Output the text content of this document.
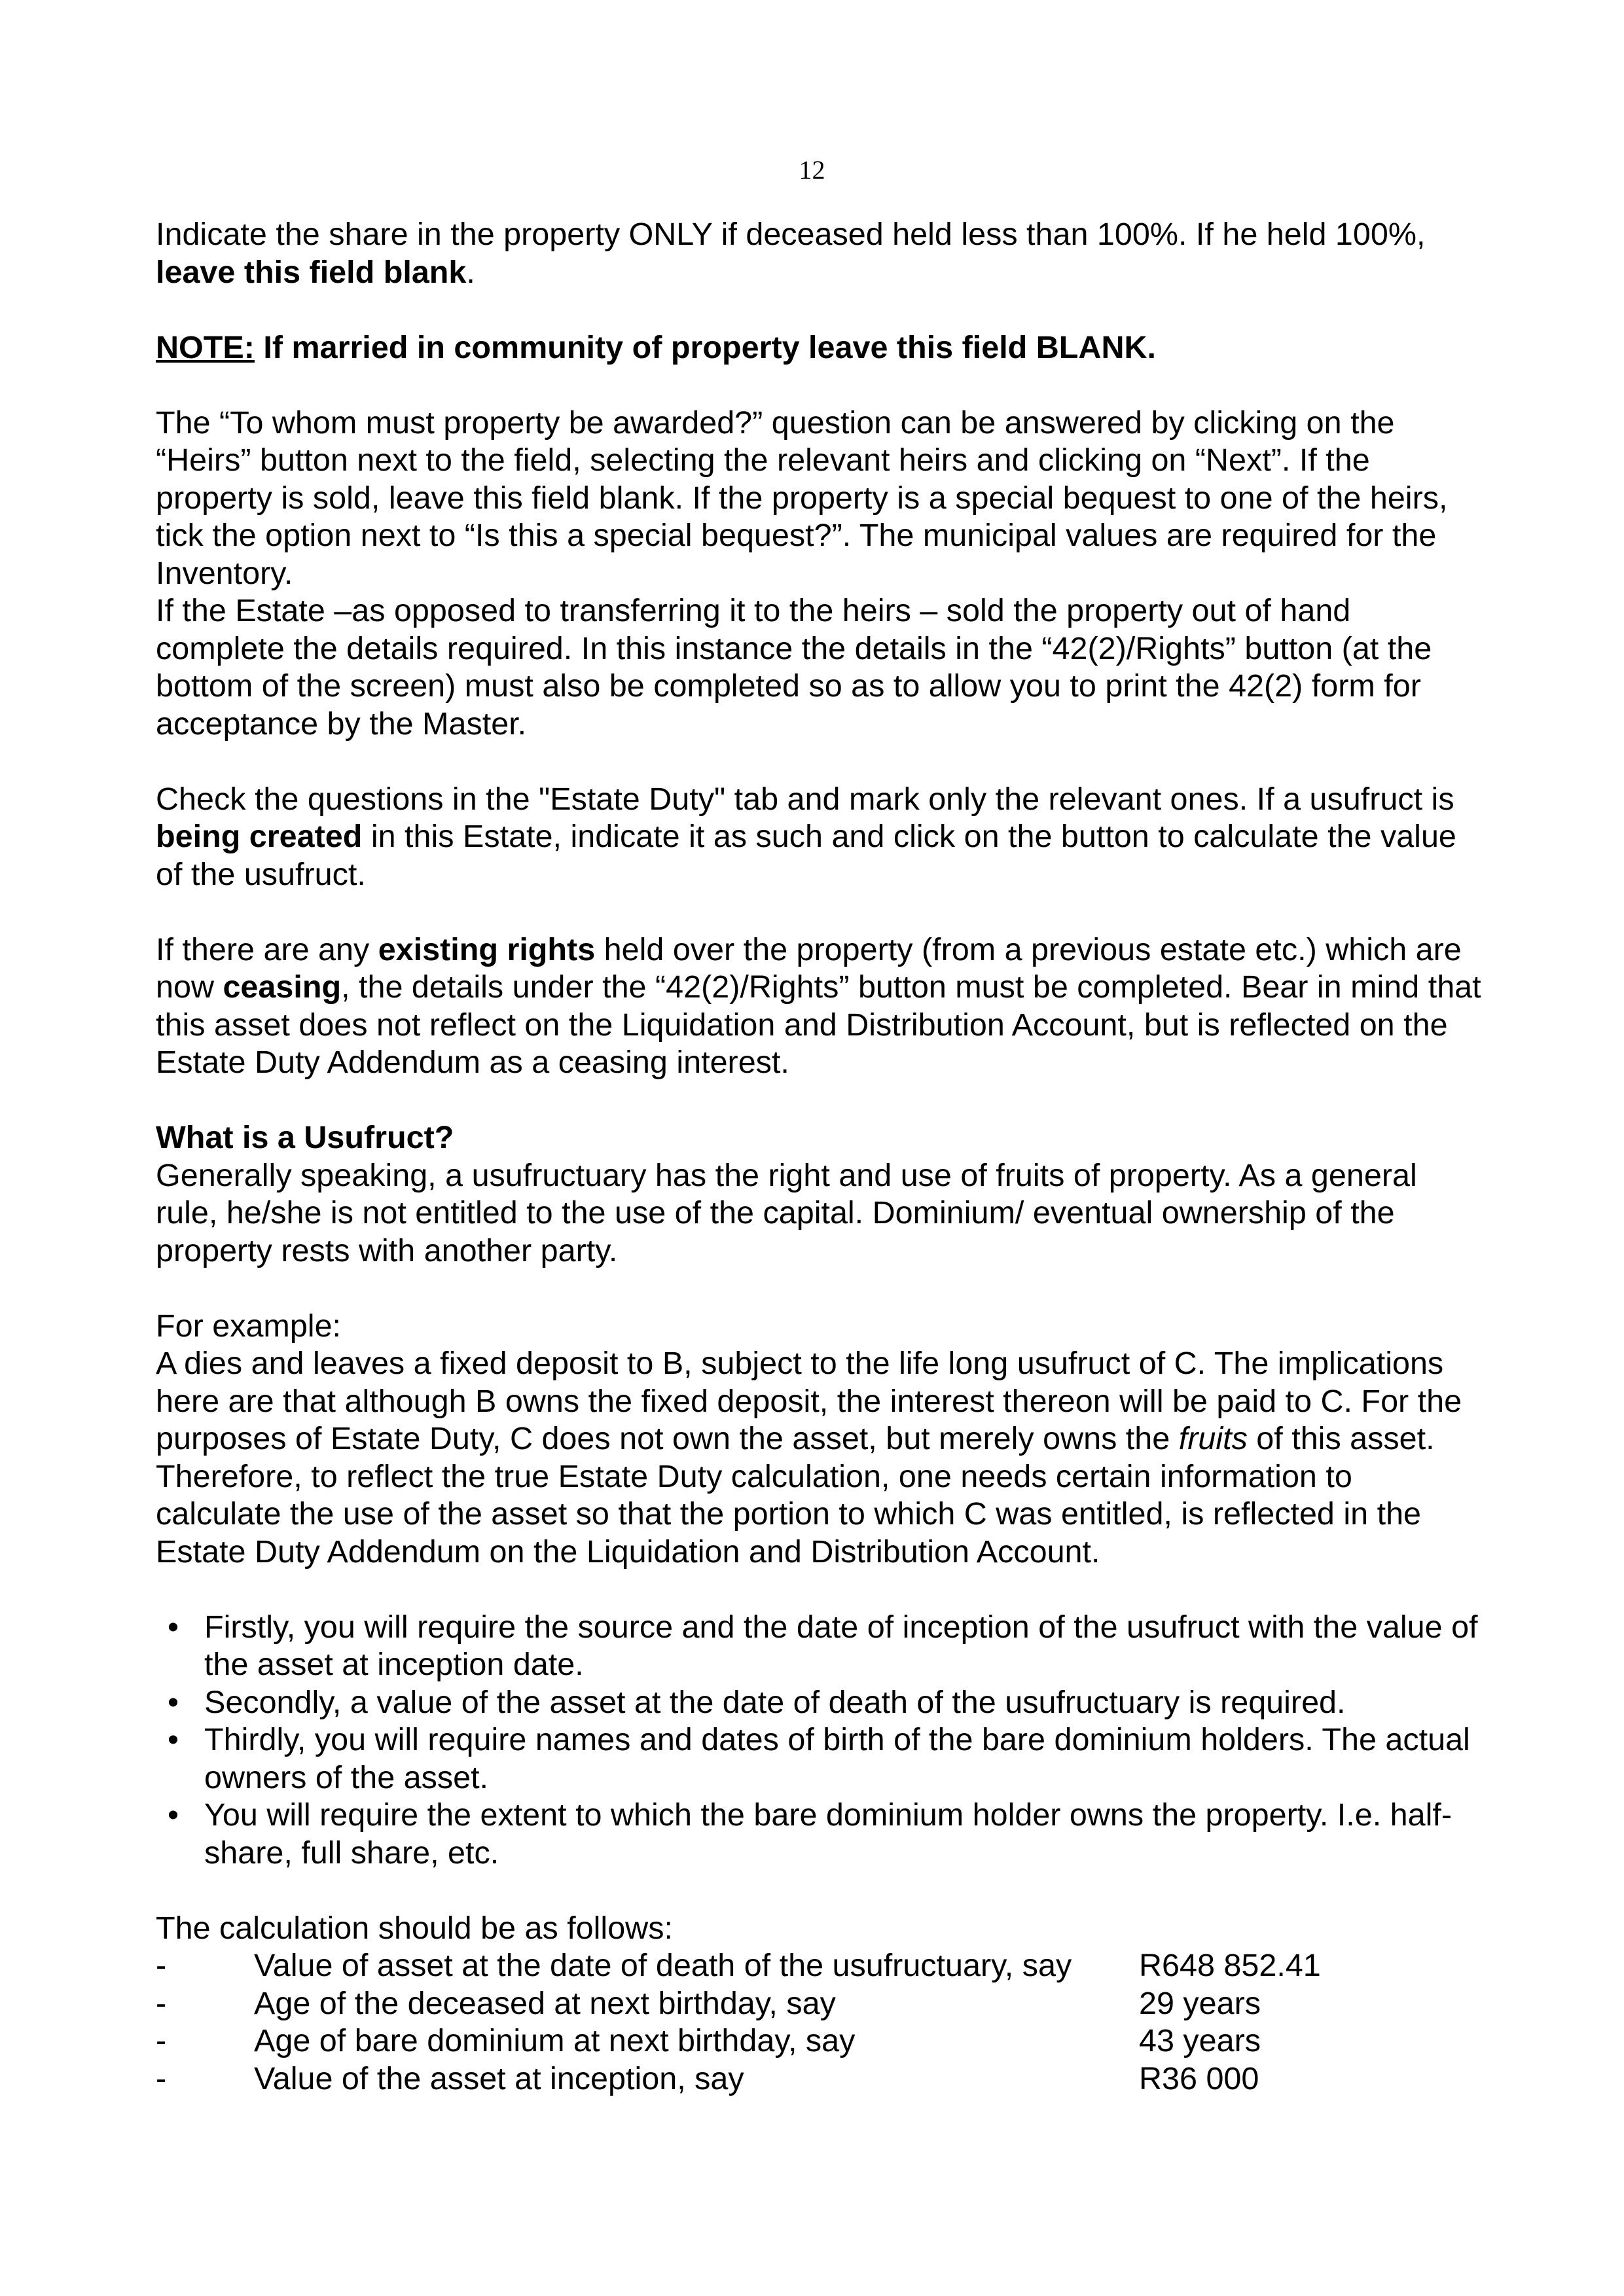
12

Indicate the share in the property ONLY if deceased held less than 100%. If he held 100%, leave this field blank.

NOTE: If married in community of property leave this field BLANK.

The “To whom must property be awarded?” question can be answered by clicking on the “Heirs” button next to the field, selecting the relevant heirs and clicking on “Next”. If the property is sold, leave this field blank. If the property is a special bequest to one of the heirs, tick the option next to “Is this a special bequest?”. The municipal values are required for the Inventory.

If the Estate –as opposed to transferring it to the heirs – sold the property out of hand complete the details required. In this instance the details in the “42(2)/Rights” button (at the bottom of the screen) must also be completed so as to allow you to print the 42(2) form for acceptance by the Master.

Check the questions in the "Estate Duty" tab and mark only the relevant ones. If a usufruct is being created in this Estate, indicate it as such and click on the button to calculate the value of the usufruct.

If there are any existing rights held over the property (from a previous estate etc.) which are now ceasing, the details under the “42(2)/Rights” button must be completed. Bear in mind that this asset does not reflect on the Liquidation and Distribution Account, but is reflected on the Estate Duty Addendum as a ceasing interest.

What is a Usufruct?

Generally speaking, a usufructuary has the right and use of fruits of property. As a general rule, he/she is not entitled to the use of the capital. Dominium/ eventual ownership of the property rests with another party.

For example:

A dies and leaves a fixed deposit to B, subject to the life long usufruct of C. The implications here are that although B owns the fixed deposit, the interest thereon will be paid to C. For the purposes of Estate Duty, C does not own the asset, but merely owns the fruits of this asset. Therefore, to reflect the true Estate Duty calculation, one needs certain information to calculate the use of the asset so that the portion to which C was entitled, is reflected in the Estate Duty Addendum on the Liquidation and Distribution Account.

• Firstly, you will require the source and the date of inception of the usufruct with the value of the asset at inception date.
• Secondly, a value of the asset at the date of death of the usufructuary is required.
• Thirdly, you will require names and dates of birth of the bare dominium holders. The actual owners of the asset.
• You will require the extent to which the bare dominium holder owns the property. I.e. half-share, full share, etc.

The calculation should be as follows:

-	Value of asset at the date of death of the usufructuary, say R648 852.41
-	Age of the deceased at next birthday, say	29 years
-	Age of bare dominium at next birthday, say	43 years
-	Value of the asset at inception, say	R36 000
